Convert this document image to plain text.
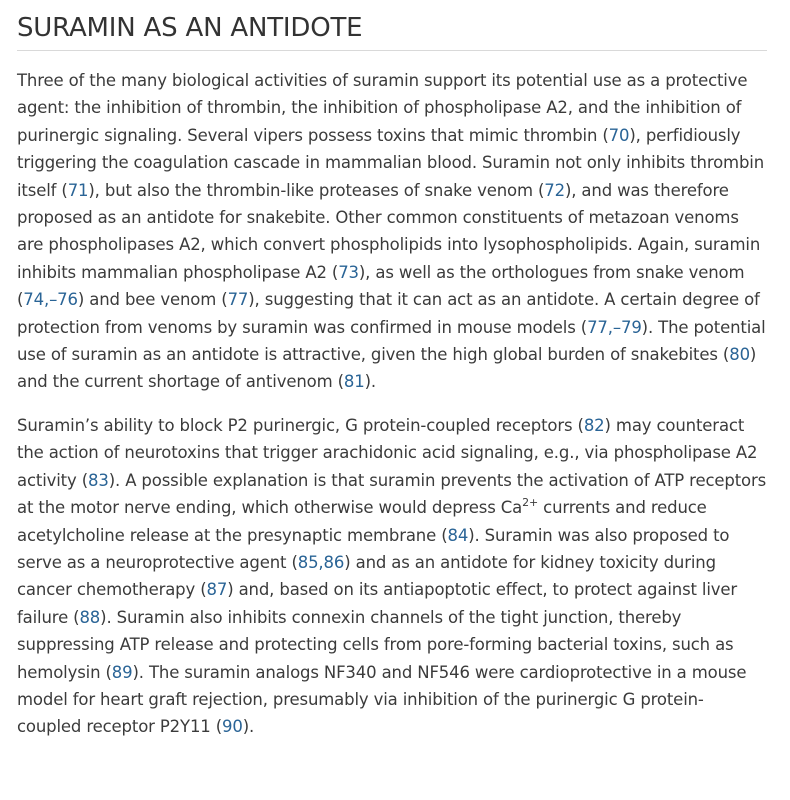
SURAMIN AS AN ANTIDOTE

Three of the many biological activities of suramin support its potential use as a protective agent: the inhibition of thrombin, the inhibition of phospholipase A2, and the inhibition of purinergic signaling. Several vipers possess toxins that mimic thrombin (70), perfidiously triggering the coagulation cascade in mammalian blood. Suramin not only inhibits thrombin itself (71), but also the thrombin-like proteases of snake venom (72), and was therefore proposed as an antidote for snakebite. Other common constituents of metazoan venoms are phospholipases A2, which convert phospholipids into lysophospholipids. Again, suramin inhibits mammalian phospholipase A2 (73), as well as the orthologues from snake venom (74,–76) and bee venom (77), suggesting that it can act as an antidote. A certain degree of protection from venoms by suramin was confirmed in mouse models (77,–79). The potential use of suramin as an antidote is attractive, given the high global burden of snakebites (80) and the current shortage of antivenom (81).

Suramin’s ability to block P2 purinergic, G protein-coupled receptors (82) may counteract the action of neurotoxins that trigger arachidonic acid signaling, e.g., via phospholipase A2 activity (83). A possible explanation is that suramin prevents the activation of ATP receptors at the motor nerve ending, which otherwise would depress $Ca^{2+}$ currents and reduce acetylcholine release at the presynaptic membrane (84). Suramin was also proposed to serve as a neuroprotective agent (85,​86) and as an antidote for kidney toxicity during cancer chemotherapy (87) and, based on its antiapoptotic effect, to protect against liver failure (88). Suramin also inhibits connexin channels of the tight junction, thereby suppressing ATP release and protecting cells from pore-forming bacterial toxins, such as hemolysin (89). The suramin analogs NF340 and NF546 were cardioprotective in a mouse model for heart graft rejection, presumably via inhibition of the purinergic G protein-coupled receptor P2Y11 (90).
